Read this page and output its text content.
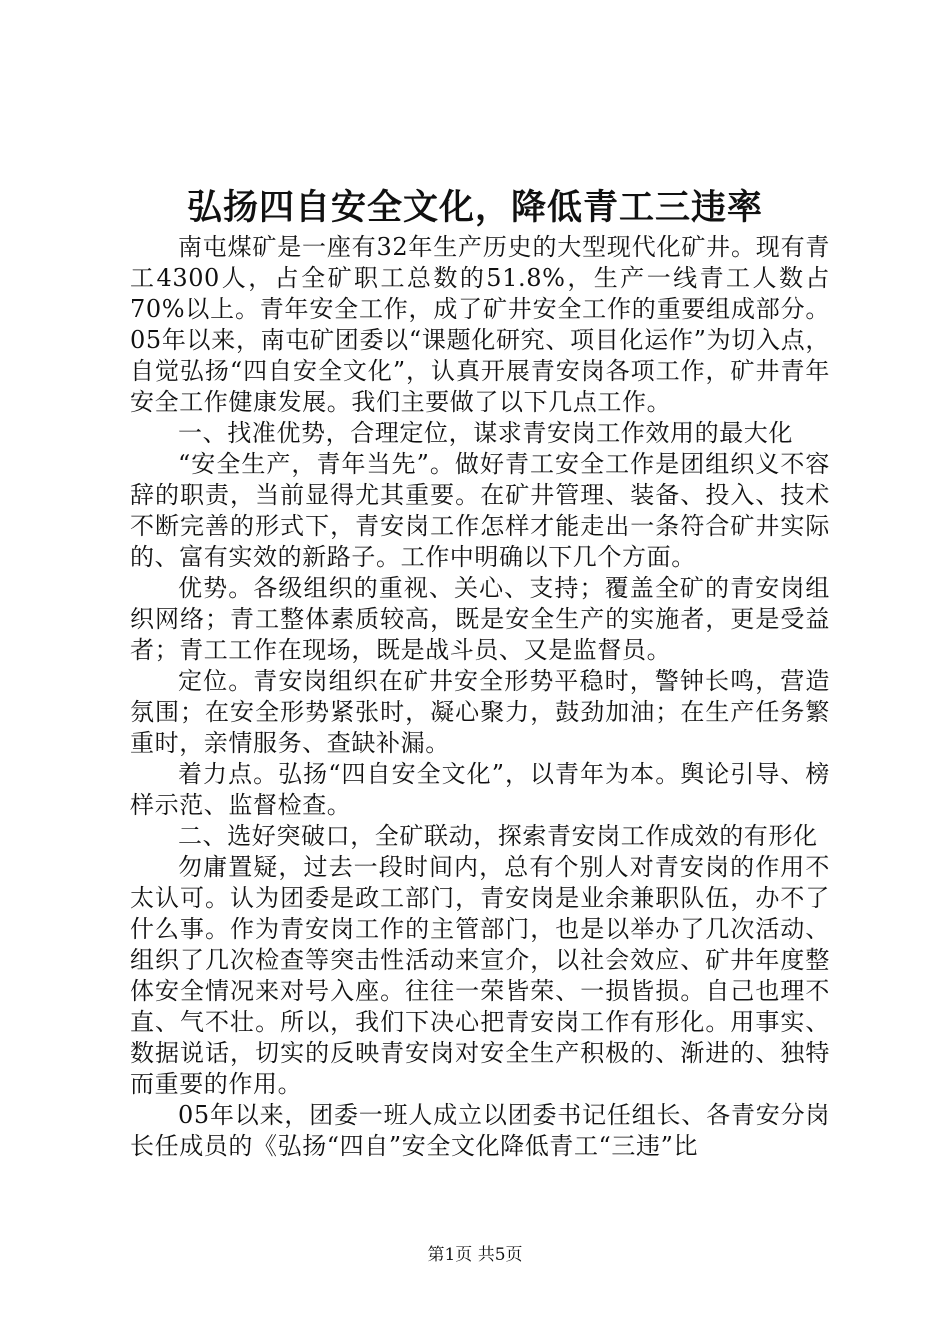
弘扬四自安全文化，降低青工三违率

南屯煤矿是一座有32年生产历史的大型现代化矿井。现有青工4300人，占全矿职工总数的51.8%，生产一线青工人数占70%以上。青年安全工作，成了矿井安全工作的重要组成部分。05年以来，南屯矿团委以“课题化研究、项目化运作”为切入点，自觉弘扬“四自安全文化”，认真开展青安岗各项工作，矿井青年安全工作健康发展。我们主要做了以下几点工作。

一、找准优势，合理定位，谋求青安岗工作效用的最大化

“安全生产，青年当先”。做好青工安全工作是团组织义不容辞的职责，当前显得尤其重要。在矿井管理、装备、投入、技术不断完善的形式下，青安岗工作怎样才能走出一条符合矿井实际的、富有实效的新路子。工作中明确以下几个方面。

优势。各级组织的重视、关心、支持；覆盖全矿的青安岗组织网络；青工整体素质较高，既是安全生产的实施者，更是受益者；青工工作在现场，既是战斗员、又是监督员。

定位。青安岗组织在矿井安全形势平稳时，警钟长鸣，营造氛围；在安全形势紧张时，凝心聚力，鼓劲加油；在生产任务繁重时，亲情服务、查缺补漏。

着力点。弘扬“四自安全文化”，以青年为本。舆论引导、榜样示范、监督检查。

二、选好突破口，全矿联动，探索青安岗工作成效的有形化

勿庸置疑，过去一段时间内，总有个别人对青安岗的作用不太认可。认为团委是政工部门，青安岗是业余兼职队伍，办不了什么事。作为青安岗工作的主管部门，也是以举办了几次活动、组织了几次检查等突击性活动来宣介，以社会效应、矿井年度整体安全情况来对号入座。往往一荣皆荣、一损皆损。自己也理不直、气不壮。所以，我们下决心把青安岗工作有形化。用事实、数据说话，切实的反映青安岗对安全生产积极的、渐进的、独特而重要的作用。

05年以来，团委一班人成立以团委书记任组长、各青安分岗长任成员的《弘扬“四自”安全文化降低青工“三违”比

第1页 共5页
